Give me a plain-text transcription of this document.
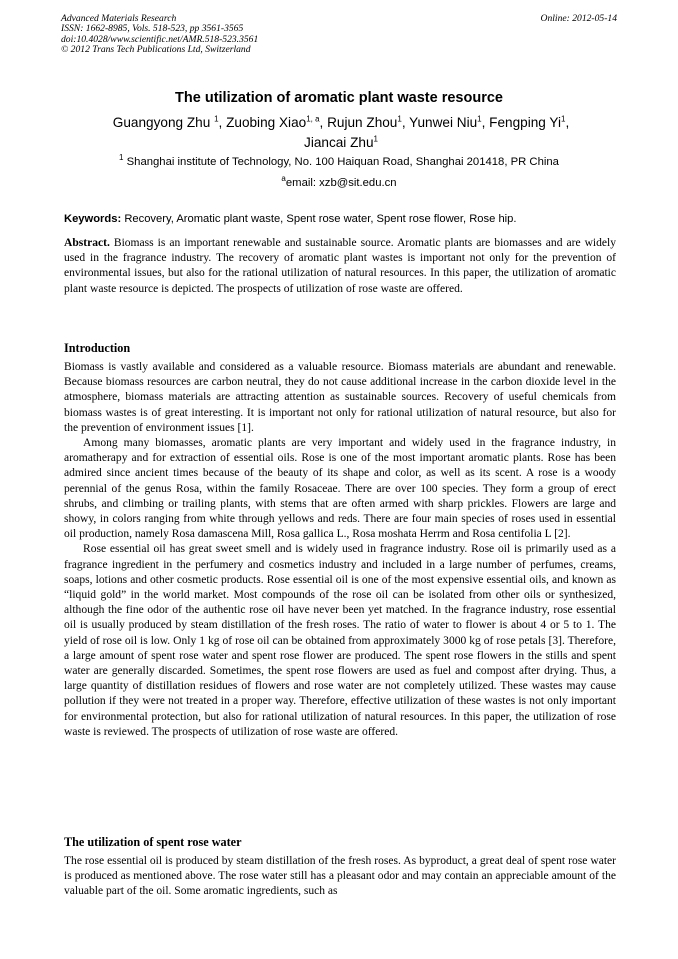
Advanced Materials Research
ISSN: 1662-8985, Vols. 518-523, pp 3561-3565
doi:10.4028/www.scientific.net/AMR.518-523.3561
© 2012 Trans Tech Publications Ltd, Switzerland
Online: 2012-05-14
The utilization of aromatic plant waste resource
Guangyong Zhu $^1$, Zuobing Xiao$^{1, a}$, Rujun Zhou$^1$, Yunwei Niu$^1$, Fengping Yi$^1$,
Jiancai Zhu$^1$
$^1$ Shanghai institute of Technology, No. 100 Haiquan Road, Shanghai 201418, PR China
$^a$email: xzb@sit.edu.cn
Keywords: Recovery, Aromatic plant waste, Spent rose water, Spent rose flower, Rose hip.

Abstract. Biomass is an important renewable and sustainable source. Aromatic plants are biomasses and are widely used in the fragrance industry. The recovery of aromatic plant wastes is important not only for the prevention of environmental issues, but also for the rational utilization of natural resources. In this paper, the utilization of aromatic plant waste resource is depicted. The prospects of utilization of rose waste are offered.

Introduction

Biomass is vastly available and considered as a valuable resource. Biomass materials are abundant and renewable. Because biomass resources are carbon neutral, they do not cause additional increase in the carbon dioxide level in the atmosphere, biomass materials are attracting attention as sustainable sources. Recovery of useful chemicals from biomass wastes is of great interesting. It is important not only for rational utilization of natural resource, but also for the prevention of environment issues [1].

Among many biomasses, aromatic plants are very important and widely used in the fragrance industry, in aromatherapy and for extraction of essential oils. Rose is one of the most important aromatic plants. Rose has been admired since ancient times because of the beauty of its shape and color, as well as its scent. A rose is a woody perennial of the genus Rosa, within the family Rosaceae. There are over 100 species. They form a group of erect shrubs, and climbing or trailing plants, with stems that are often armed with sharp prickles. Flowers are large and showy, in colors ranging from white through yellows and reds. There are four main species of roses used in essential oil production, namely Rosa damascena Mill, Rosa gallica L., Rosa moshata Herrm and Rosa centifolia L [2].

Rose essential oil has great sweet smell and is widely used in fragrance industry. Rose oil is primarily used as a fragrance ingredient in the perfumery and cosmetics industry and included in a large number of perfumes, creams, soaps, lotions and other cosmetic products. Rose essential oil is one of the most expensive essential oils, and known as “liquid gold” in the world market. Most compounds of the rose oil can be isolated from other oils or synthesized, although the fine odor of the authentic rose oil have never been yet matched. In the fragrance industry, rose essential oil is usually produced by steam distillation of the fresh roses. The ratio of water to flower is about 4 or 5 to 1. The yield of rose oil is low. Only 1 kg of rose oil can be obtained from approximately 3000 kg of rose petals [3]. Therefore, a large amount of spent rose water and spent rose flower are produced. The spent rose flowers in the stills and spent water are generally discarded. Sometimes, the spent rose flowers are used as fuel and compost after drying. Thus, a large quantity of distillation residues of flowers and rose water are not completely utilized. These wastes may cause pollution if they were not treated in a proper way. Therefore, effective utilization of these wastes is not only important for environmental protection, but also for rational utilization of natural resources. In this paper, the utilization of rose waste is reviewed. The prospects of utilization of rose waste are offered.

The utilization of spent rose water

The rose essential oil is produced by steam distillation of the fresh roses. As byproduct, a great deal of spent rose water is produced as mentioned above. The rose water still has a pleasant odor and may contain an appreciable amount of the valuable part of the oil. Some aromatic ingredients, such as
